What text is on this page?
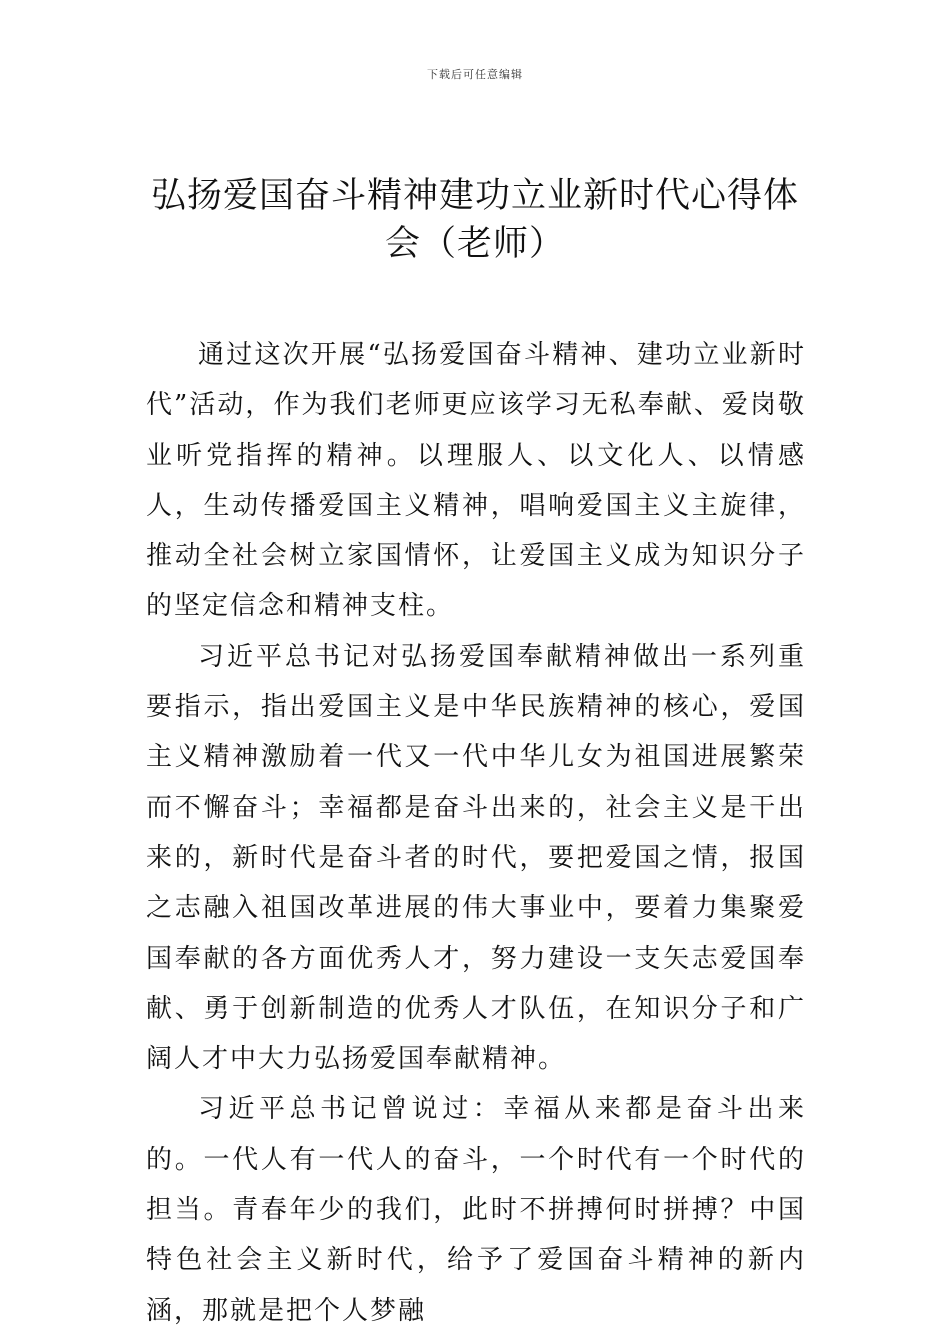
下载后可任意编辑
弘扬爱国奋斗精神建功立业新时代心得体会（老师）

通过这次开展“弘扬爱国奋斗精神、建功立业新时代”活动，作为我们老师更应该学习无私奉献、爱岗敬业听党指挥的精神。以理服人、以文化人、以情感人，生动传播爱国主义精神，唱响爱国主义主旋律，推动全社会树立家国情怀，让爱国主义成为知识分子的坚定信念和精神支柱。

习近平总书记对弘扬爱国奉献精神做出一系列重要指示，指出爱国主义是中华民族精神的核心，爱国主义精神激励着一代又一代中华儿女为祖国进展繁荣而不懈奋斗；幸福都是奋斗出来的，社会主义是干出来的，新时代是奋斗者的时代，要把爱国之情，报国之志融入祖国改革进展的伟大事业中，要着力集聚爱国奉献的各方面优秀人才，努力建设一支矢志爱国奉献、勇于创新制造的优秀人才队伍，在知识分子和广阔人才中大力弘扬爱国奉献精神。

习近平总书记曾说过：幸福从来都是奋斗出来的。一代人有一代人的奋斗，一个时代有一个时代的担当。青春年少的我们，此时不拼搏何时拼搏？中国特色社会主义新时代，给予了爱国奋斗精神的新内涵，那就是把个人梦融
